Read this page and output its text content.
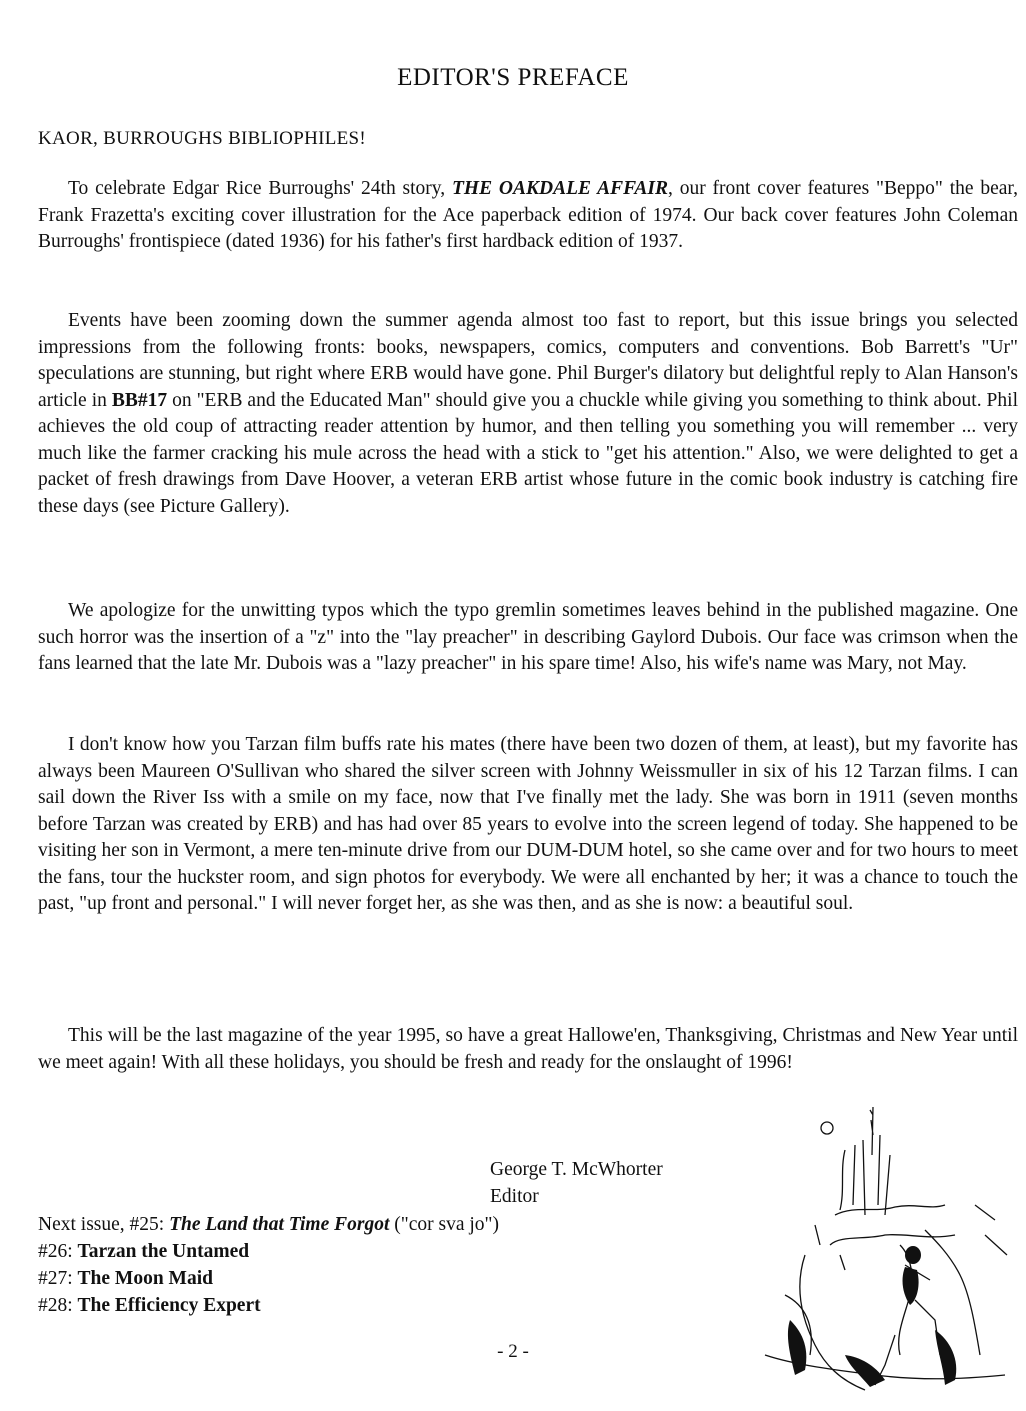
EDITOR'S PREFACE
KAOR, BURROUGHS BIBLIOPHILES!

To celebrate Edgar Rice Burroughs' 24th story, THE OAKDALE AFFAIR, our front cover features "Beppo" the bear, Frank Frazetta's exciting cover illustration for the Ace paperback edition of 1974. Our back cover features John Coleman Burroughs' frontispiece (dated 1936) for his father's first hardback edition of 1937.

Events have been zooming down the summer agenda almost too fast to report, but this issue brings you selected impressions from the following fronts: books, newspapers, comics, computers and conventions. Bob Barrett's "Ur" speculations are stunning, but right where ERB would have gone. Phil Burger's dilatory but delightful reply to Alan Hanson's article in BB#17 on "ERB and the Educated Man" should give you a chuckle while giving you something to think about. Phil achieves the old coup of attracting reader attention by humor, and then telling you something you will remember ... very much like the farmer cracking his mule across the head with a stick to "get his attention." Also, we were delighted to get a packet of fresh drawings from Dave Hoover, a veteran ERB artist whose future in the comic book industry is catching fire these days (see Picture Gallery).

We apologize for the unwitting typos which the typo gremlin sometimes leaves behind in the published magazine. One such horror was the insertion of a "z" into the "lay preacher" in describing Gaylord Dubois. Our face was crimson when the fans learned that the late Mr. Dubois was a "lazy preacher" in his spare time! Also, his wife's name was Mary, not May.

I don't know how you Tarzan film buffs rate his mates (there have been two dozen of them, at least), but my favorite has always been Maureen O'Sullivan who shared the silver screen with Johnny Weissmuller in six of his 12 Tarzan films. I can sail down the River Iss with a smile on my face, now that I've finally met the lady. She was born in 1911 (seven months before Tarzan was created by ERB) and has had over 85 years to evolve into the screen legend of today. She happened to be visiting her son in Vermont, a mere ten-minute drive from our DUM-DUM hotel, so she came over and for two hours to meet the fans, tour the huckster room, and sign photos for everybody. We were all enchanted by her; it was a chance to touch the past, "up front and personal." I will never forget her, as she was then, and as she is now: a beautiful soul.

This will be the last magazine of the year 1995, so have a great Hallowe'en, Thanksgiving, Christmas and New Year until we meet again! With all these holidays, you should be fresh and ready for the onslaught of 1996!

George T. McWhorter
Editor
Next issue, #25: The Land that Time Forgot ("cor sva jo")
#26: Tarzan the Untamed
#27: The Moon Maid
#28: The Efficiency Expert
- 2 -
